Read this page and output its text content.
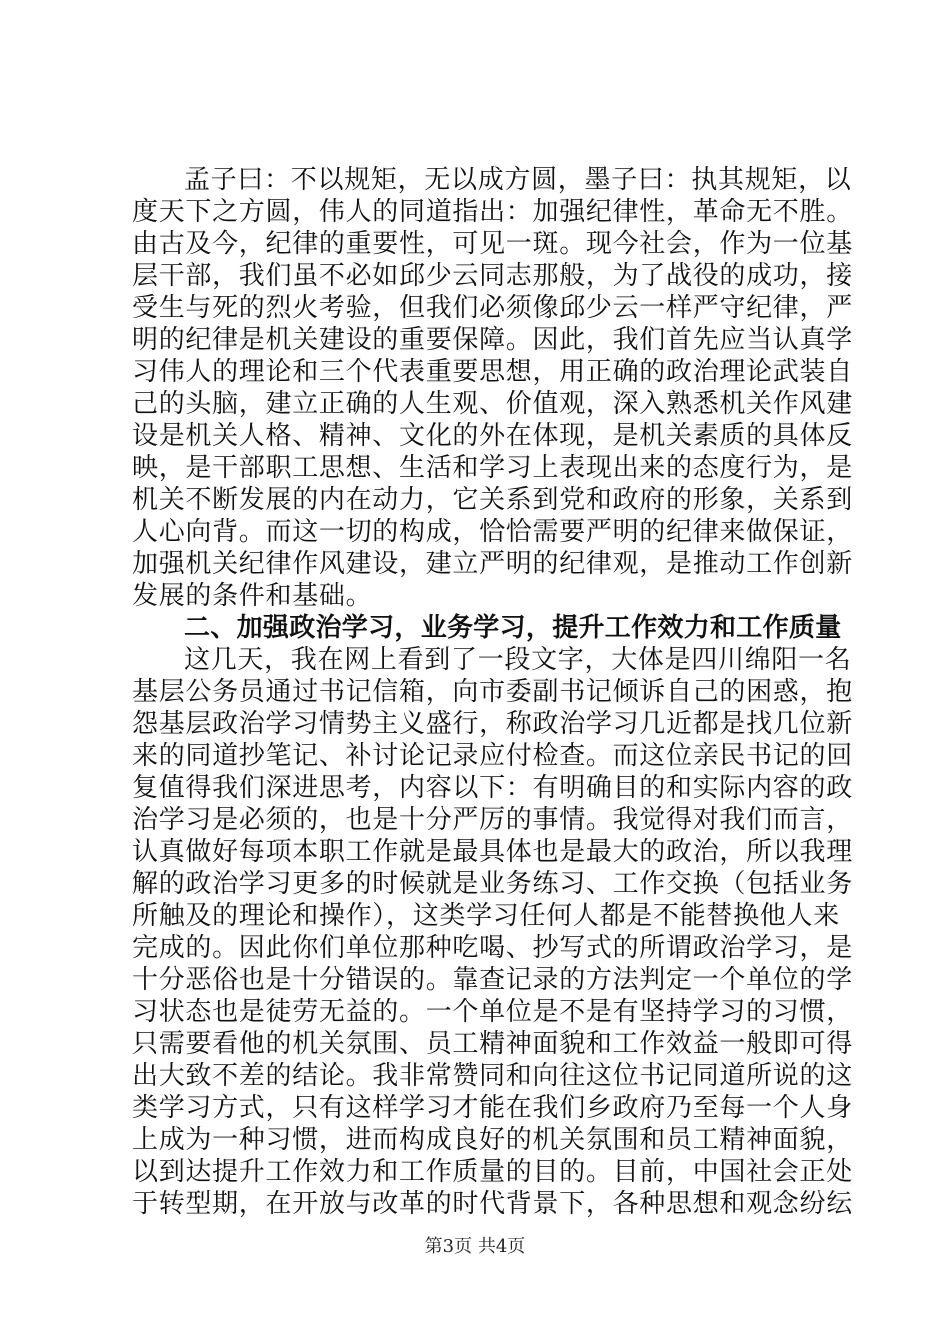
孟子曰：不以规矩，无以成方圆，墨子曰：执其规矩，以
度天下之方圆，伟人的同道指出：加强纪律性，革命无不胜。
由古及今，纪律的重要性，可见一斑。现今社会，作为一位基
层干部，我们虽不必如邱少云同志那般，为了战役的成功，接
受生与死的烈火考验，但我们必须像邱少云一样严守纪律，严
明的纪律是机关建设的重要保障。因此，我们首先应当认真学
习伟人的理论和三个代表重要思想，用正确的政治理论武装自
己的头脑，建立正确的人生观、价值观，深入熟悉机关作风建
设是机关人格、精神、文化的外在体现，是机关素质的具体反
映，是干部职工思想、生活和学习上表现出来的态度行为，是
机关不断发展的内在动力，它关系到党和政府的形象，关系到
人心向背。而这一切的构成，恰恰需要严明的纪律来做保证，
加强机关纪律作风建设，建立严明的纪律观，是推动工作创新
发展的条件和基础。
二、加强政治学习，业务学习，提升工作效力和工作质量
这几天，我在网上看到了一段文字，大体是四川绵阳一名
基层公务员通过书记信箱，向市委副书记倾诉自己的困惑，抱
怨基层政治学习情势主义盛行，称政治学习几近都是找几位新
来的同道抄笔记、补讨论记录应付检查。而这位亲民书记的回
复值得我们深进思考，内容以下：有明确目的和实际内容的政
治学习是必须的，也是十分严厉的事情。我觉得对我们而言，
认真做好每项本职工作就是最具体也是最大的政治，所以我理
解的政治学习更多的时候就是业务练习、工作交换（包括业务
所触及的理论和操作），这类学习任何人都是不能替换他人来
完成的。因此你们单位那种吃喝、抄写式的所谓政治学习，是
十分恶俗也是十分错误的。靠查记录的方法判定一个单位的学
习状态也是徒劳无益的。一个单位是不是有坚持学习的习惯，
只需要看他的机关氛围、员工精神面貌和工作效益一般即可得
出大致不差的结论。我非常赞同和向往这位书记同道所说的这
类学习方式，只有这样学习才能在我们乡政府乃至每一个人身
上成为一种习惯，进而构成良好的机关氛围和员工精神面貌，
以到达提升工作效力和工作质量的目的。目前，中国社会正处
于转型期，在开放与改革的时代背景下，各种思想和观念纷纭
第3页 共4页
